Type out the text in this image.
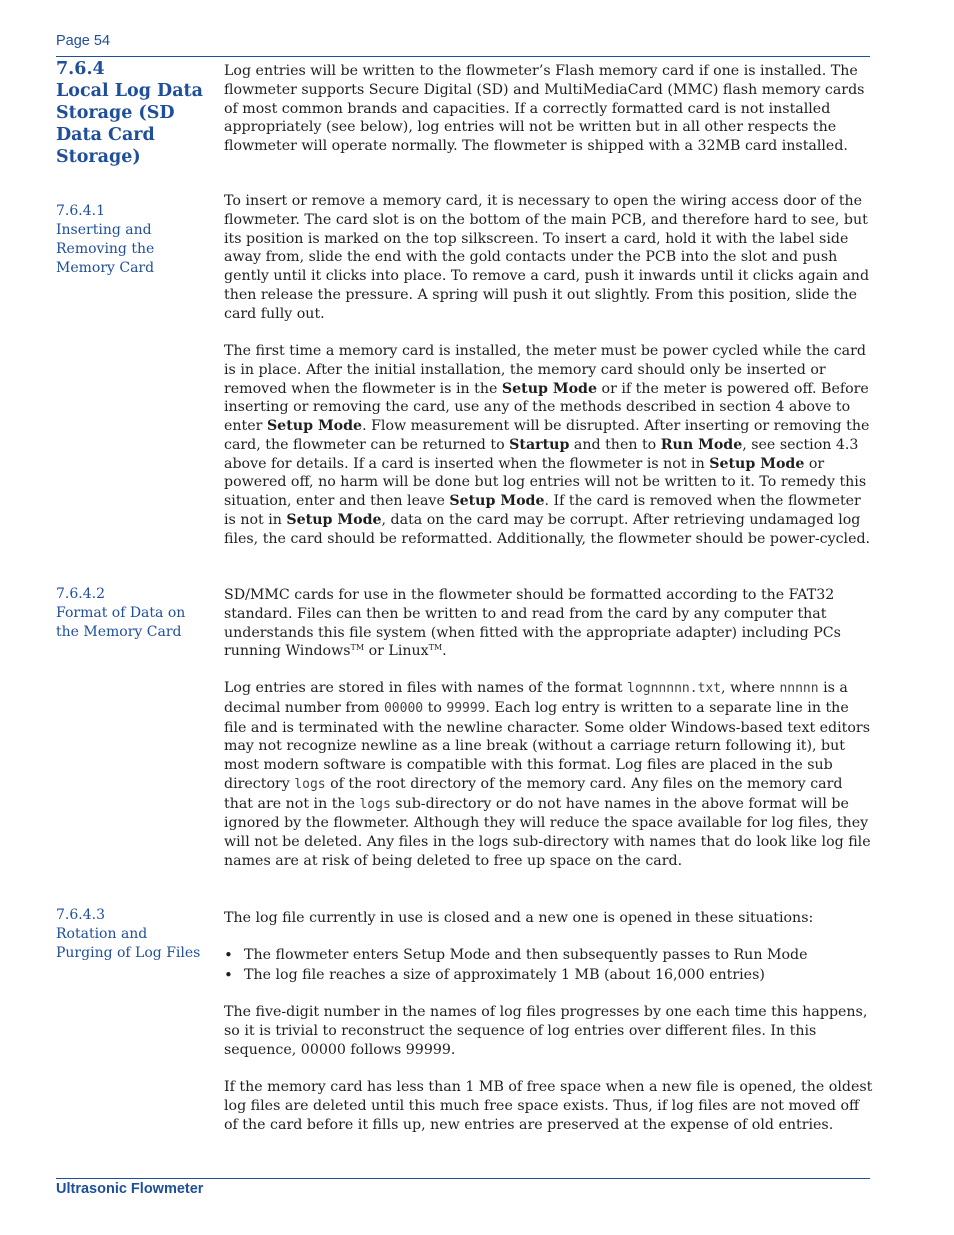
Page 54
7.6.4
Local Log Data Storage (SD Data Card Storage)

Log entries will be written to the flowmeter’s Flash memory card if one is installed. The flowmeter supports Secure Digital (SD) and MultiMediaCard (MMC) flash memory cards of most common brands and capacities. If a correctly formatted card is not installed appropriately (see below), log entries will not be written but in all other respects the flowmeter will operate normally. The flowmeter is shipped with a 32MB card installed.

7.6.4.1
Inserting and Removing the Memory Card

To insert or remove a memory card, it is necessary to open the wiring access door of the flowmeter. The card slot is on the bottom of the main PCB, and therefore hard to see, but its position is marked on the top silkscreen. To insert a card, hold it with the label side away from, slide the end with the gold contacts under the PCB into the slot and push gently until it clicks into place. To remove a card, push it inwards until it clicks again and then release the pressure. A spring will push it out slightly. From this position, slide the card fully out.

The first time a memory card is installed, the meter must be power cycled while the card is in place. After the initial installation, the memory card should only be inserted or removed when the flowmeter is in the Setup Mode or if the meter is powered off. Before inserting or removing the card, use any of the methods described in section 4 above to enter Setup Mode. Flow measurement will be disrupted. After inserting or removing the card, the flowmeter can be returned to Startup and then to Run Mode, see section 4.3 above for details. If a card is inserted when the flowmeter is not in Setup Mode or powered off, no harm will be done but log entries will not be written to it. To remedy this situation, enter and then leave Setup Mode. If the card is removed when the flowmeter is not in Setup Mode, data on the card may be corrupt. After retrieving undamaged log files, the card should be reformatted. Additionally, the flowmeter should be power-cycled.

7.6.4.2
Format of Data on the Memory Card

SD/MMC cards for use in the flowmeter should be formatted according to the FAT32 standard. Files can then be written to and read from the card by any computer that understands this file system (when fitted with the appropriate adapter) including PCs running Windows™ or Linux™.

Log entries are stored in files with names of the format lognnnnn.txt, where nnnnn is a decimal number from 00000 to 99999. Each log entry is written to a separate line in the file and is terminated with the newline character. Some older Windows-based text editors may not recognize newline as a line break (without a carriage return following it), but most modern software is compatible with this format. Log files are placed in the sub directory logs of the root directory of the memory card. Any files on the memory card that are not in the logs sub-directory or do not have names in the above format will be ignored by the flowmeter. Although they will reduce the space available for log files, they will not be deleted. Any files in the logs sub-directory with names that do look like log file names are at risk of being deleted to free up space on the card.

7.6.4.3
Rotation and Purging of Log Files

The log file currently in use is closed and a new one is opened in these situations:

• The flowmeter enters Setup Mode and then subsequently passes to Run Mode
• The log file reaches a size of approximately 1 MB (about 16,000 entries)

The five-digit number in the names of log files progresses by one each time this happens, so it is trivial to reconstruct the sequence of log entries over different files. In this sequence, 00000 follows 99999.

If the memory card has less than 1 MB of free space when a new file is opened, the oldest log files are deleted until this much free space exists. Thus, if log files are not moved off of the card before it fills up, new entries are preserved at the expense of old entries.

Ultrasonic Flowmeter
